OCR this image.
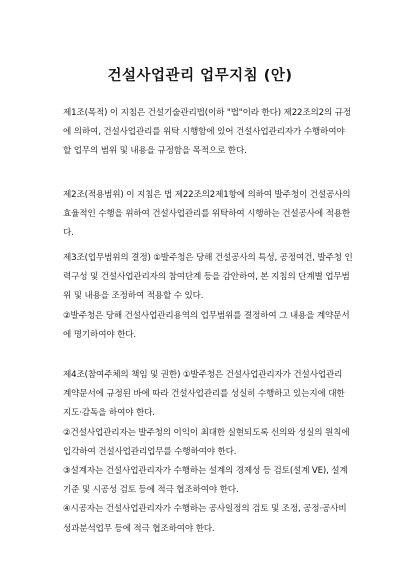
건설사업관리 업무지침 (안)

제1조(목적) 이 지침은 건설기술관리법(이하 "법"이라 한다) 제22조의2의 규정에 의하여, 건설사업관리를 위탁 시행함에 있어 건설사업관리자가 수행하여야 할 업무의 범위 및 내용을 규정함을 목적으로 한다.

제2조(적용범위) 이 지침은 법 제22조의2제1항에 의하여 발주청이 건설공사의 효율적인 수행을 위하여 건설사업관리를 위탁하여 시행하는 건설공사에 적용한다.

제3조(업무범위의 결정) ①발주청은 당해 건설공사의 특성, 공정여건, 발주청 인력구성 및 건설사업관리자의 참여단계 등을 감안하여, 본 지침의 단계별 업무범위 및 내용을 조정하여 적용할 수 있다.

②발주청은 당해 건설사업관리용역의 업무범위를 결정하여 그 내용을 계약문서에 명기하여야 한다.

제4조(참여주체의 책임 및 권한) ①발주청은 건설사업관리자가 건설사업관리 계약문서에 규정된 바에 따라 건설사업관리를 성실히 수행하고 있는지에 대한 지도·감독을 하여야 한다.

②건설사업관리자는 발주청의 이익이 최대한 실현되도록 신의와 성실의 원칙에 입각하여 건설사업관리업무를 수행하여야 한다.

③설계자는 건설사업관리자가 수행하는 설계의 경제성 등 검토(설계 VE), 설계기준 및 시공성 검토 등에 적극 협조하여야 한다.

④시공자는 건설사업관리자가 수행하는 공사일정의 검토 및 조정, 공정·공사비 성과분석업무 등에 적극 협조하여야 한다.
